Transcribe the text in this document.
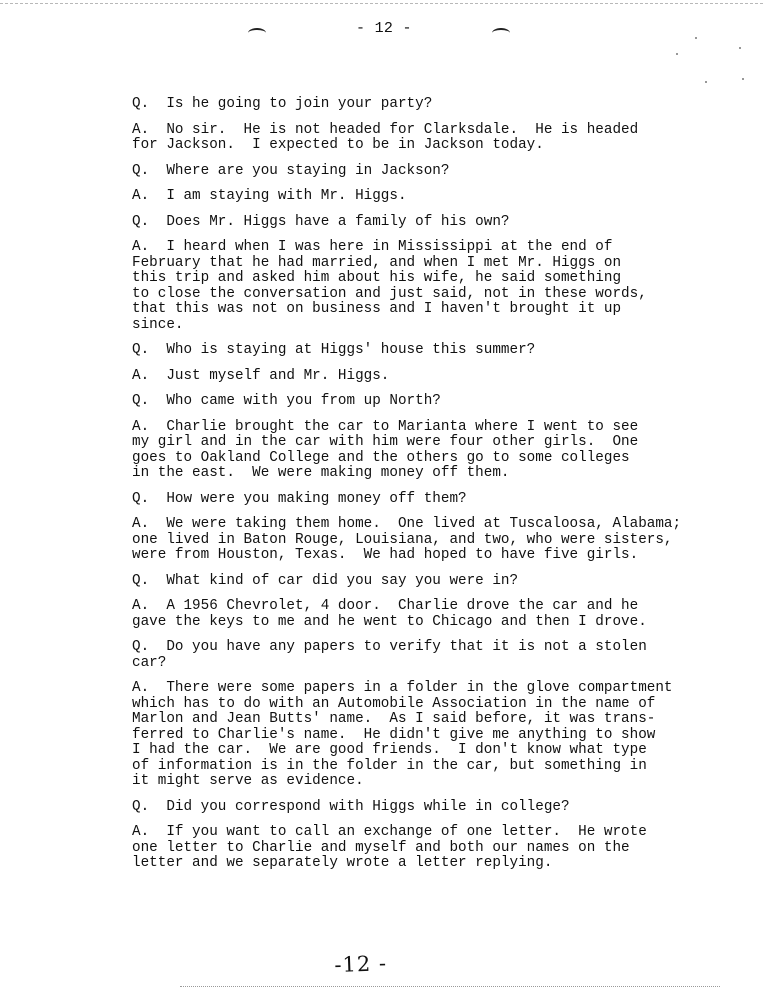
- 12 -
Q.  Is he going to join your party?
A.  No sir.  He is not headed for Clarksdale.  He is headed
for Jackson.  I expected to be in Jackson today.
Q.  Where are you staying in Jackson?
A.  I am staying with Mr. Higgs.
Q.  Does Mr. Higgs have a family of his own?
A.  I heard when I was here in Mississippi at the end of
February that he had married, and when I met Mr. Higgs on
this trip and asked him about his wife, he said something
to close the conversation and just said, not in these words,
that this was not on business and I haven't brought it up
since.
Q.  Who is staying at Higgs' house this summer?
A.  Just myself and Mr. Higgs.
Q.  Who came with you from up North?
A.  Charlie brought the car to Marianta where I went to see
my girl and in the car with him were four other girls.  One
goes to Oakland College and the others go to some colleges
in the east.  We were making money off them.
Q.  How were you making money off them?
A.  We were taking them home.  One lived at Tuscaloosa, Alabama;
one lived in Baton Rouge, Louisiana, and two, who were sisters,
were from Houston, Texas.  We had hoped to have five girls.
Q.  What kind of car did you say you were in?
A.  A 1956 Chevrolet, 4 door.  Charlie drove the car and he
gave the keys to me and he went to Chicago and then I drove.
Q.  Do you have any papers to verify that it is not a stolen
car?
A.  There were some papers in a folder in the glove compartment
which has to do with an Automobile Association in the name of
Marlon and Jean Butts' name.  As I said before, it was trans-
ferred to Charlie's name.  He didn't give me anything to show
I had the car.  We are good friends.  I don't know what type
of information is in the folder in the car, but something in
it might serve as evidence.
Q.  Did you correspond with Higgs while in college?
A.  If you want to call an exchange of one letter.  He wrote
one letter to Charlie and myself and both our names on the
letter and we separately wrote a letter replying.
-12 -
